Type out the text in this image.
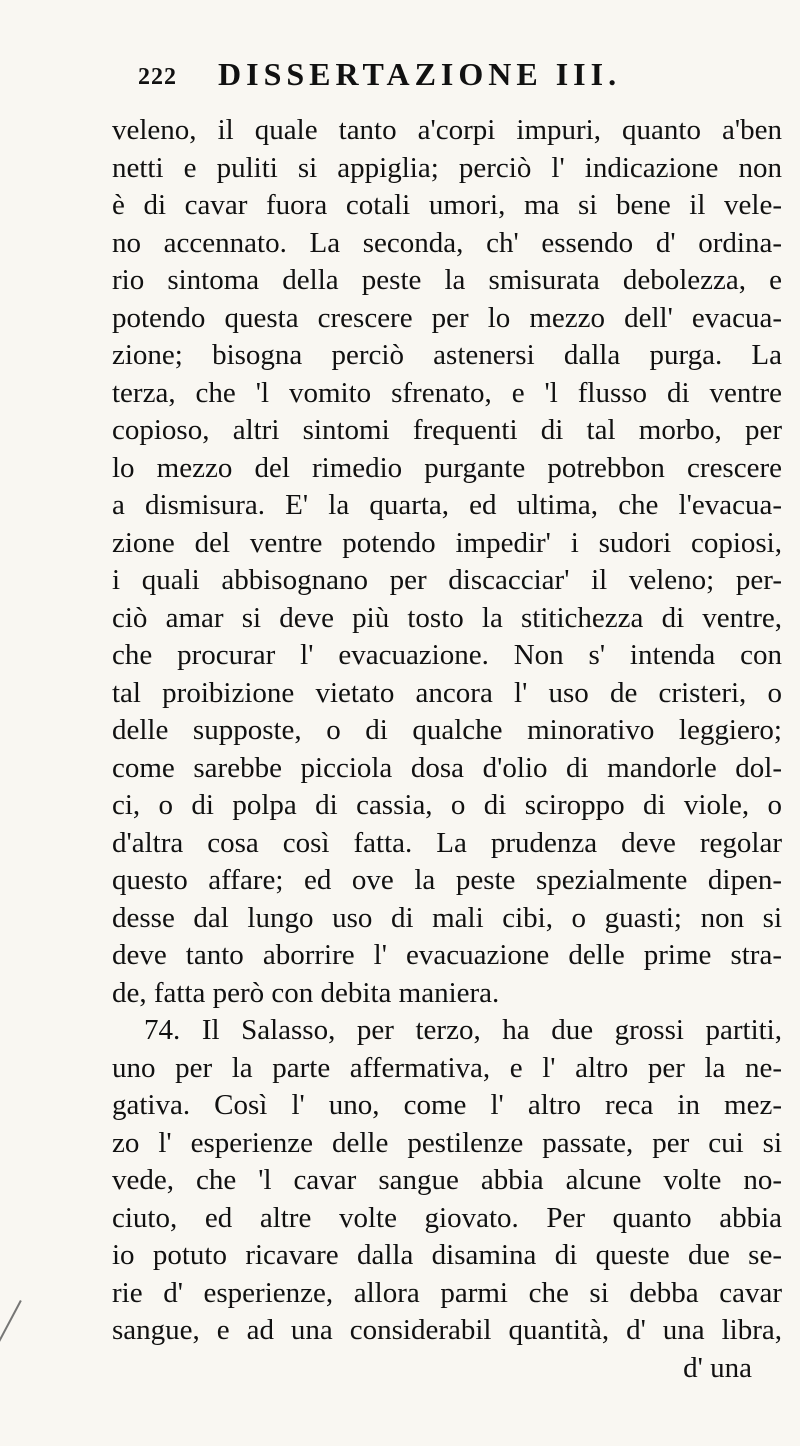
222 DISSERTAZIONE III.
veleno, il quale tanto a'corpi impuri, quanto a'ben
netti e puliti si appiglia; perciò l' indicazione non
è di cavar fuora cotali umori, ma si bene il vele-
no accennato. La seconda, ch' essendo d' ordina-
rio sintoma della peste la smisurata debolezza, e
potendo questa crescere per lo mezzo dell' evacua-
zione; bisogna perciò astenersi dalla purga. La
terza, che 'l vomito sfrenato, e 'l flusso di ventre
copioso, altri sintomi frequenti di tal morbo, per
lo mezzo del rimedio purgante potrebbon crescere
a dismisura. E' la quarta, ed ultima, che l'evacua-
zione del ventre potendo impedir' i sudori copiosi,
i quali abbisognano per discacciar' il veleno; per-
ciò amar si deve più tosto la stitichezza di ventre,
che procurar l' evacuazione. Non s' intenda con
tal proibizione vietato ancora l' uso de cristeri, o
delle supposte, o di qualche minorativo leggiero;
come sarebbe picciola dosa d'olio di mandorle dol-
ci, o di polpa di cassia, o di sciroppo di viole, o
d'altra cosa così fatta. La prudenza deve regolar
questo affare; ed ove la peste spezialmente dipen-
desse dal lungo uso di mali cibi, o guasti; non si
deve tanto aborrire l' evacuazione delle prime stra-
de, fatta però con debita maniera.
74. Il Salasso, per terzo, ha due grossi partiti,
uno per la parte affermativa, e l' altro per la ne-
gativa. Così l' uno, come l' altro reca in mez-
zo l' esperienze delle pestilenze passate, per cui si
vede, che 'l cavar sangue abbia alcune volte no-
ciuto, ed altre volte giovato. Per quanto abbia
io potuto ricavare dalla disamina di queste due se-
rie d' esperienze, allora parmi che si debba cavar
sangue, e ad una considerabil quantità, d' una libra,
d' una
